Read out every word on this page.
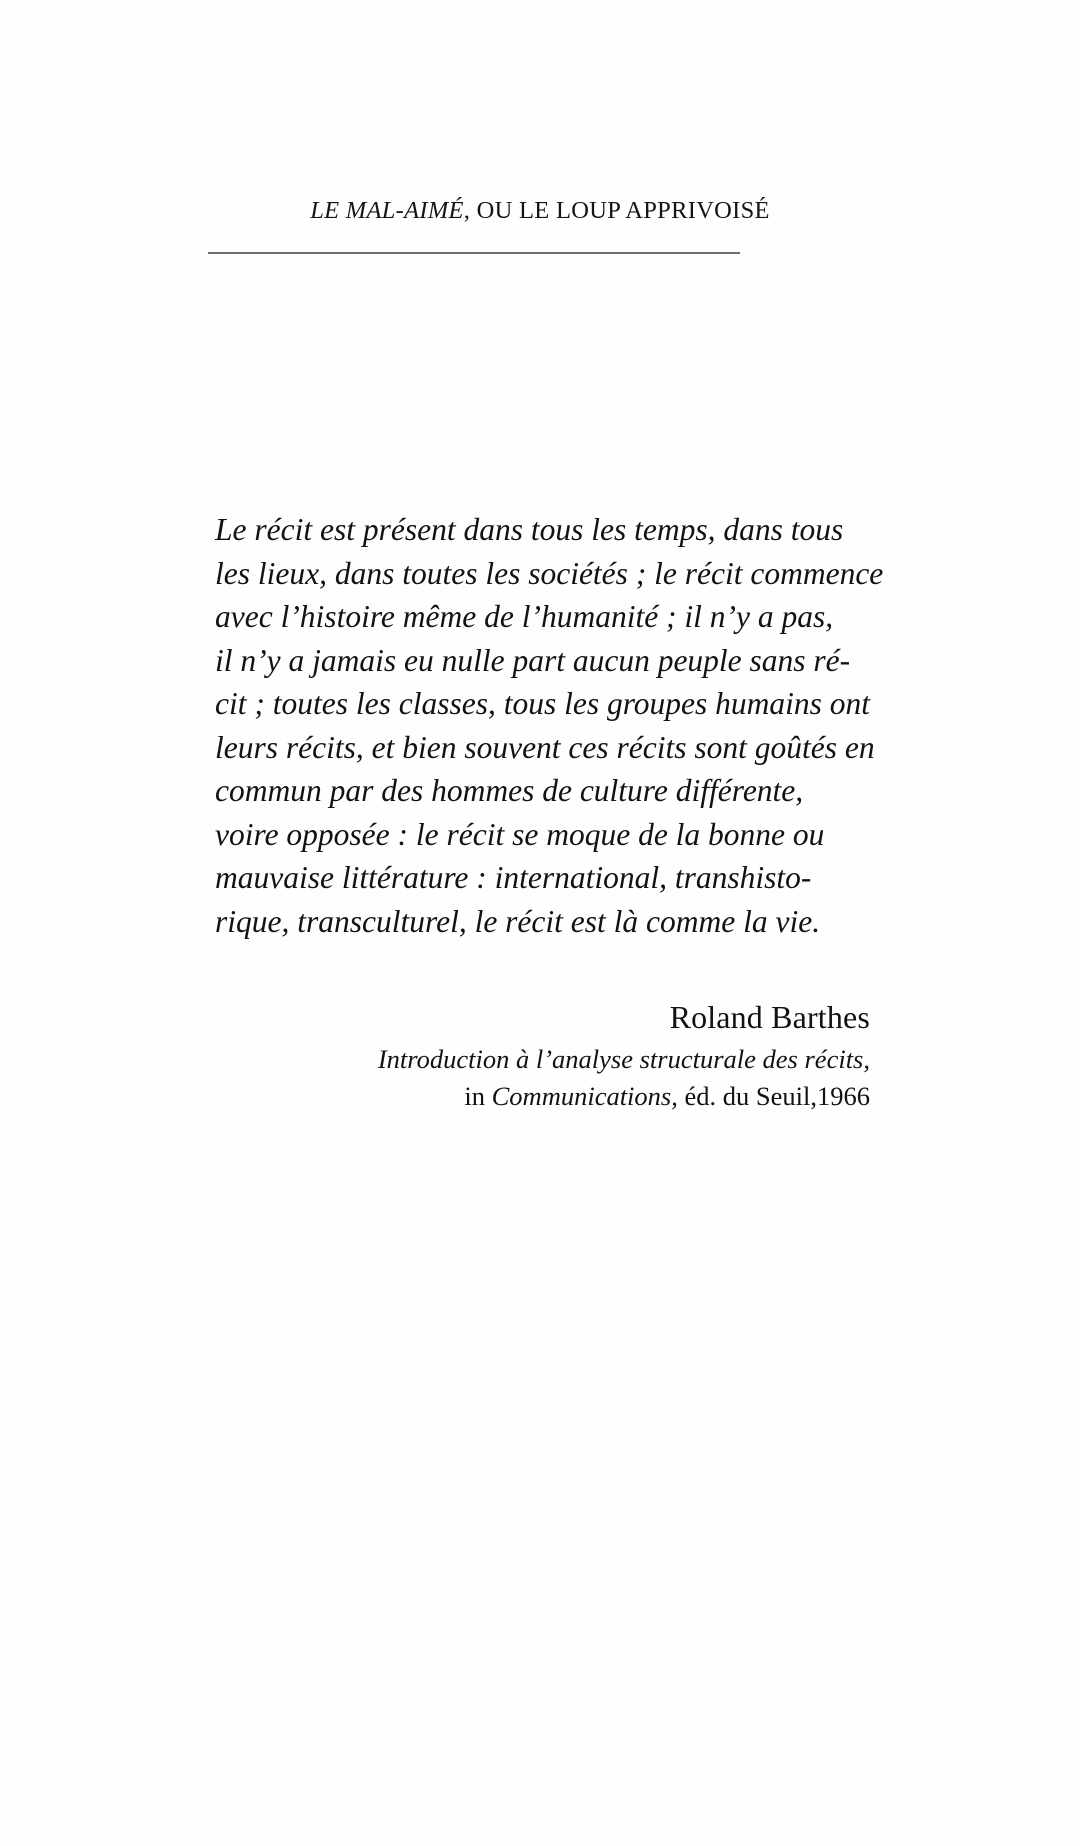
LE MAL-AIMÉ, OU LE LOUP APPRIVOISÉ
Le récit est présent dans tous les temps, dans tous
les lieux, dans toutes les sociétés ; le récit commence
avec l’histoire même de l’humanité ; il n’y a pas,
il n’y a jamais eu nulle part aucun peuple sans ré-
cit ; toutes les classes, tous les groupes humains ont
leurs récits, et bien souvent ces récits sont goûtés en
commun par des hommes de culture différente,
voire opposée : le récit se moque de la bonne ou
mauvaise littérature : international, transhisto-
rique, transculturel, le récit est là comme la vie.
Roland Barthes
Introduction à l’analyse structurale des récits,
in Communications, éd. du Seuil,1966
